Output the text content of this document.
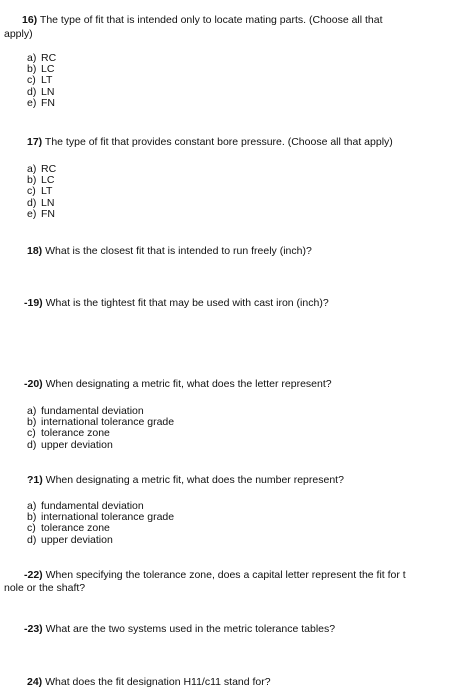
16) The type of fit that is intended only to locate mating parts. (Choose all that
apply)
a) RC
b) LC
c) LT
d) LN
e) FN
17) The type of fit that provides constant bore pressure. (Choose all that apply)
a) RC
b) LC
c) LT
d) LN
e) FN
18) What is the closest fit that is intended to run freely (inch)?
-19) What is the tightest fit that may be used with cast iron (inch)?
-20) When designating a metric fit, what does the letter represent?
a) fundamental deviation
b) international tolerance grade
c) tolerance zone
d) upper deviation
?1) When designating a metric fit, what does the number represent?
a) fundamental deviation
b) international tolerance grade
c) tolerance zone
d) upper deviation
-22) When specifying the tolerance zone, does a capital letter represent the fit for t
nole or the shaft?
-23) What are the two systems used in the metric tolerance tables?
24) What does the fit designation H11/c11 stand for?
